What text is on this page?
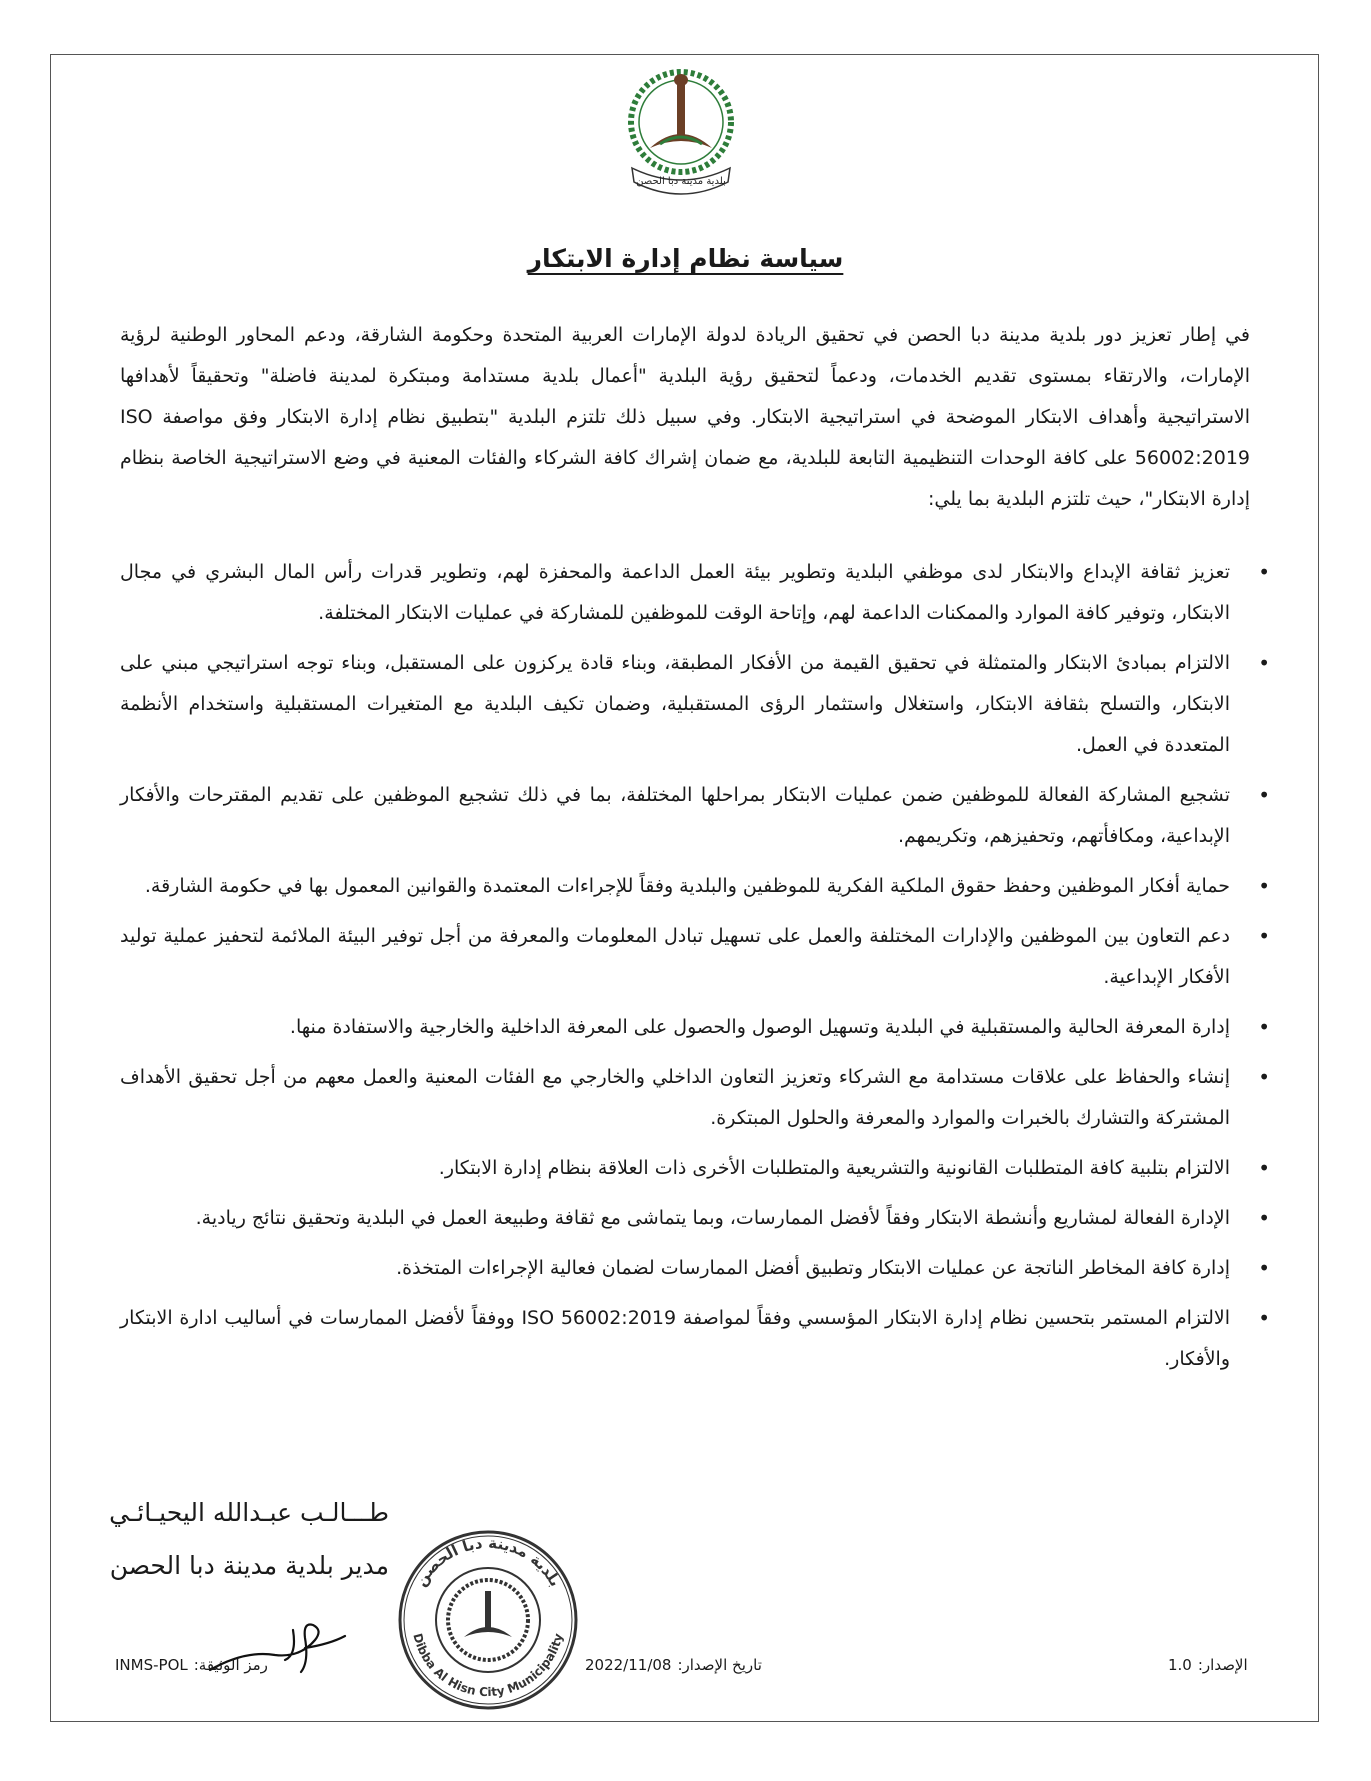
بلدية مدينة دبا الحصن
سياسة نظام إدارة الابتكار

في إطار تعزيز دور بلدية مدينة دبا الحصن في تحقيق الريادة لدولة الإمارات العربية المتحدة وحكومة الشارقة، ودعم المحاور الوطنية لرؤية الإمارات، والارتقاء بمستوى تقديم الخدمات، ودعماً لتحقيق رؤية البلدية "أعمال بلدية مستدامة ومبتكرة لمدينة فاضلة" وتحقيقاً لأهدافها الاستراتيجية وأهداف الابتكار الموضحة في استراتيجية الابتكار. وفي سبيل ذلك تلتزم البلدية "بتطبيق نظام إدارة الابتكار وفق مواصفة ISO 56002:2019 على كافة الوحدات التنظيمية التابعة للبلدية، مع ضمان إشراك كافة الشركاء والفئات المعنية في وضع الاستراتيجية الخاصة بنظام إدارة الابتكار"، حيث تلتزم البلدية بما يلي:

• تعزيز ثقافة الإبداع والابتكار لدى موظفي البلدية وتطوير بيئة العمل الداعمة والمحفزة لهم، وتطوير قدرات رأس المال البشري في مجال الابتكار، وتوفير كافة الموارد والممكنات الداعمة لهم، وإتاحة الوقت للموظفين للمشاركة في عمليات الابتكار المختلفة.
• الالتزام بمبادئ الابتكار والمتمثلة في تحقيق القيمة من الأفكار المطبقة، وبناء قادة يركزون على المستقبل، وبناء توجه استراتيجي مبني على الابتكار، والتسلح بثقافة الابتكار، واستغلال واستثمار الرؤى المستقبلية، وضمان تكيف البلدية مع المتغيرات المستقبلية واستخدام الأنظمة المتعددة في العمل.
• تشجيع المشاركة الفعالة للموظفين ضمن عمليات الابتكار بمراحلها المختلفة، بما في ذلك تشجيع الموظفين على تقديم المقترحات والأفكار الإبداعية، ومكافأتهم، وتحفيزهم، وتكريمهم.
• حماية أفكار الموظفين وحفظ حقوق الملكية الفكرية للموظفين والبلدية وفقاً للإجراءات المعتمدة والقوانين المعمول بها في حكومة الشارقة.
• دعم التعاون بين الموظفين والإدارات المختلفة والعمل على تسهيل تبادل المعلومات والمعرفة من أجل توفير البيئة الملائمة لتحفيز عملية توليد الأفكار الإبداعية.
• إدارة المعرفة الحالية والمستقبلية في البلدية وتسهيل الوصول والحصول على المعرفة الداخلية والخارجية والاستفادة منها.
• إنشاء والحفاظ على علاقات مستدامة مع الشركاء وتعزيز التعاون الداخلي والخارجي مع الفئات المعنية والعمل معهم من أجل تحقيق الأهداف المشتركة والتشارك بالخبرات والموارد والمعرفة والحلول المبتكرة.
• الالتزام بتلبية كافة المتطلبات القانونية والتشريعية والمتطلبات الأخرى ذات العلاقة بنظام إدارة الابتكار.
• الإدارة الفعالة لمشاريع وأنشطة الابتكار وفقاً لأفضل الممارسات، وبما يتماشى مع ثقافة وطبيعة العمل في البلدية وتحقيق نتائج ريادية.
• إدارة كافة المخاطر الناتجة عن عمليات الابتكار وتطبيق أفضل الممارسات لضمان فعالية الإجراءات المتخذة.
• الالتزام المستمر بتحسين نظام إدارة الابتكار المؤسسي وفقاً لمواصفة ISO 56002:2019 ووفقاً لأفضل الممارسات في أساليب ادارة الابتكار والأفكار.
طـــالـب عبـدالله اليحيـائـي
مدير بلدية مدينة دبا الحصن بلدية مدينة دبا الحصن
Dibba Al Hisn City Municipality
رمز الوثيقة:
INMS-POL	تاريخ الإصدار:
2022/11/08	الإصدار:
1.0
